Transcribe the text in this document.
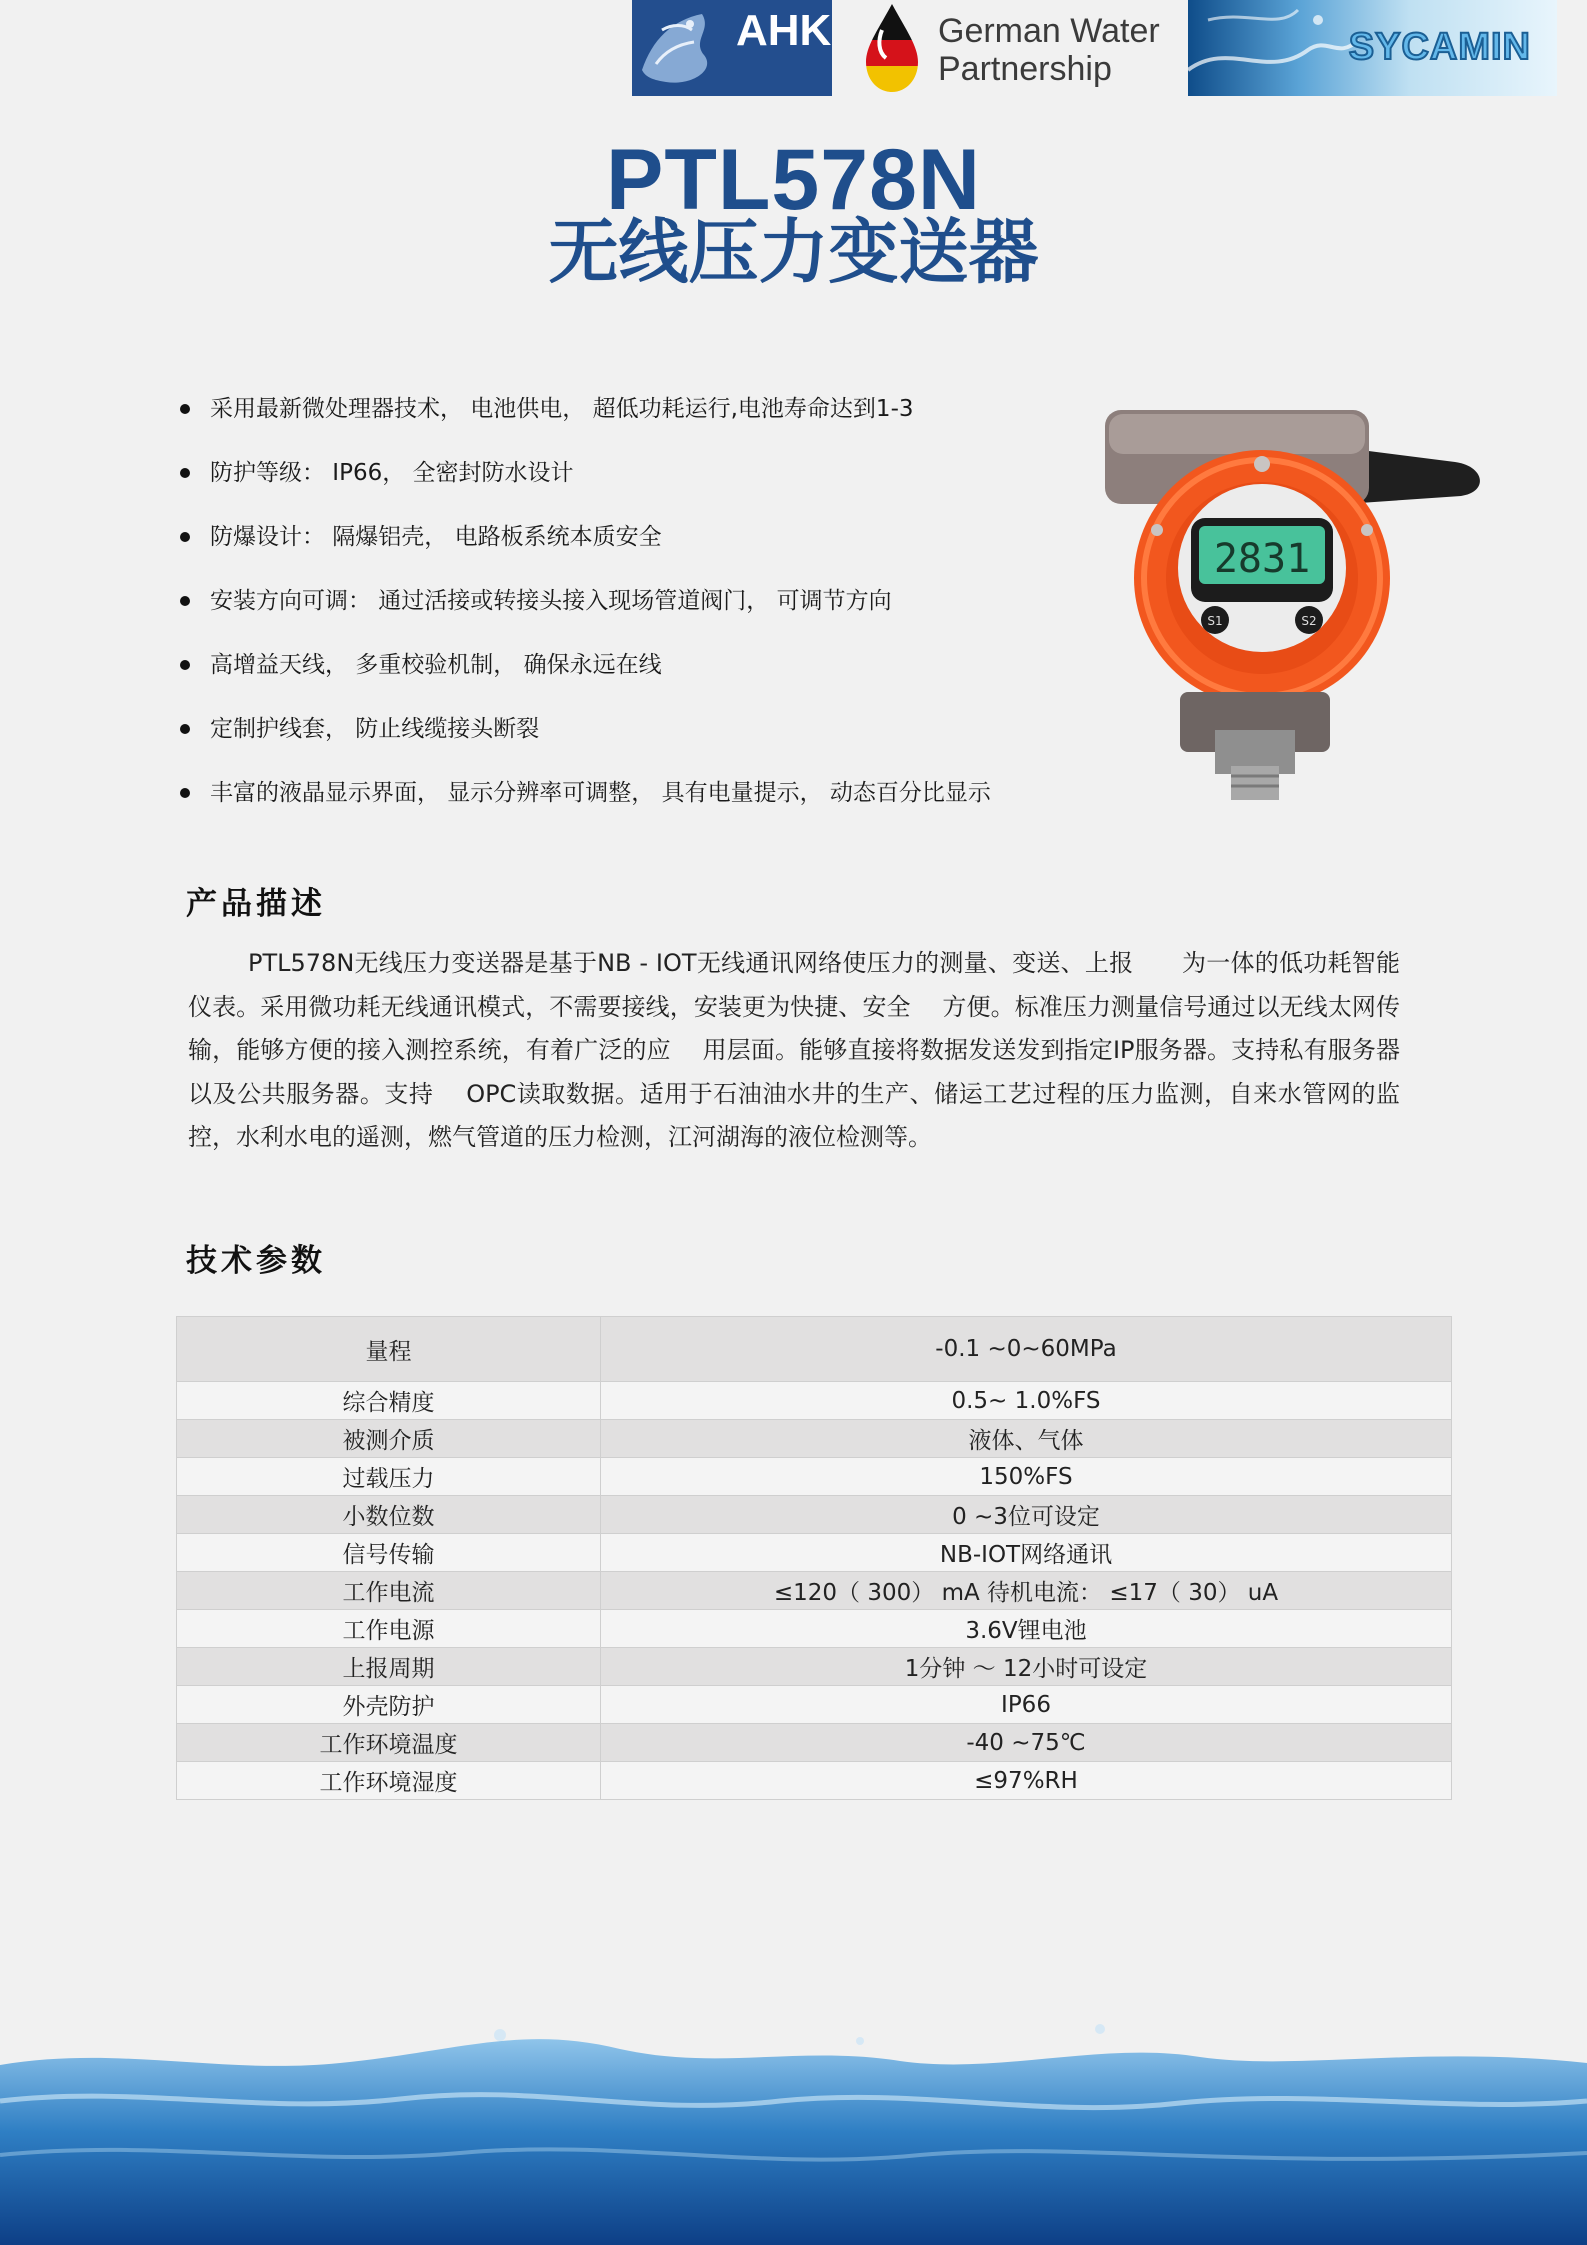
AHK	German Water
Partnership
SYCAMIN
PTL578N
无线压力变送器
采用最新微处理器技术， 电池供电， 超低功耗运行,电池寿命达到1-3
防护等级： IP66， 全密封防水设计
防爆设计： 隔爆铝壳， 电路板系统本质安全
安装方向可调： 通过活接或转接头接入现场管道阀门， 可调节方向
高增益天线， 多重校验机制， 确保永远在线
定制护线套， 防止线缆接头断裂
丰富的液晶显示界面， 显示分辨率可调整， 具有电量提示， 动态百分比显示
2831
S1	S2
产品描述

PTL578N无线压力变送器是基于NB - IOT无线通讯网络使压力的测量、变送、上报　　为一体的低功耗智能仪表。采用微功耗无线通讯模式，不需要接线，安装更为快捷、安全　 方便。标准压力测量信号通过以无线太网传输，能够方便的接入测控系统，有着广泛的应　 用层面。能够直接将数据发送发到指定IP服务器。支持私有服务器以及公共服务器。支持　 OPC读取数据。适用于石油油水井的生产、储运工艺过程的压力监测，自来水管网的监控，水利水电的遥测，燃气管道的压力检测，江河湖海的液位检测等。

技术参数
量程	-0.1 ~0~60MPa
综合精度	0.5~ 1.0%FS
被测介质	液体、气体
过载压力	150%FS
小数位数	0 ~3位可设定
信号传输	NB-IOT网络通讯
工作电流	≤120（ 300） mA 待机电流： ≤17（ 30） uA
工作电源	3.6V锂电池
上报周期	1分钟 ～ 12小时可设定
外壳防护	IP66
工作环境温度	-40 ~75℃
工作环境湿度	≤97%RH
